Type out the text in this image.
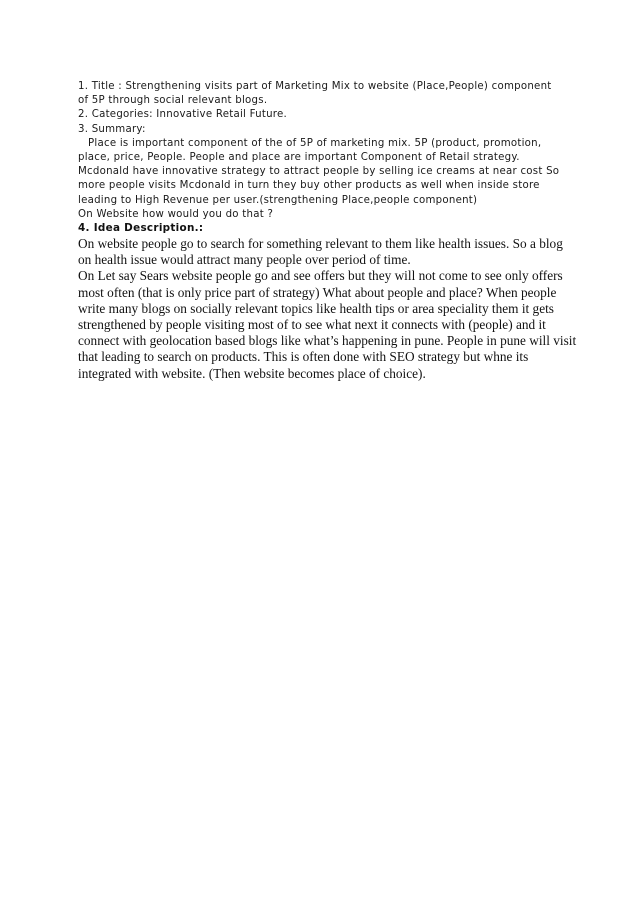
1. Title : Strengthening visits part of Marketing Mix to website (Place,People) component
of 5P through social relevant blogs.
2. Categories: Innovative Retail Future.
3. Summary:
Place is important component of the of 5P of marketing mix. 5P (product, promotion,
place, price, People. People and place are important Component of Retail strategy.
Mcdonald have innovative strategy to attract people by selling ice creams at near cost So
more people visits Mcdonald in turn they buy other products as well when inside store
leading to High Revenue per user.(strengthening Place,people component)
On Website how would you do that ?
4. Idea Description.:
On website people go to search for something relevant to them like health issues. So a blog
on health issue would attract many people over period of time.
On Let say Sears website people go and see offers but they will not come to see only offers
most often (that is only price part of strategy) What about people and place? When people
write many blogs on socially relevant topics like health tips or area speciality them it gets
strengthened by people visiting most of to see what next it connects with (people) and it
connect with geolocation based blogs like what’s happening in pune. People in pune will visit
that leading to search on products. This is often done with SEO strategy but whne its
integrated with website. (Then website becomes place of choice).
